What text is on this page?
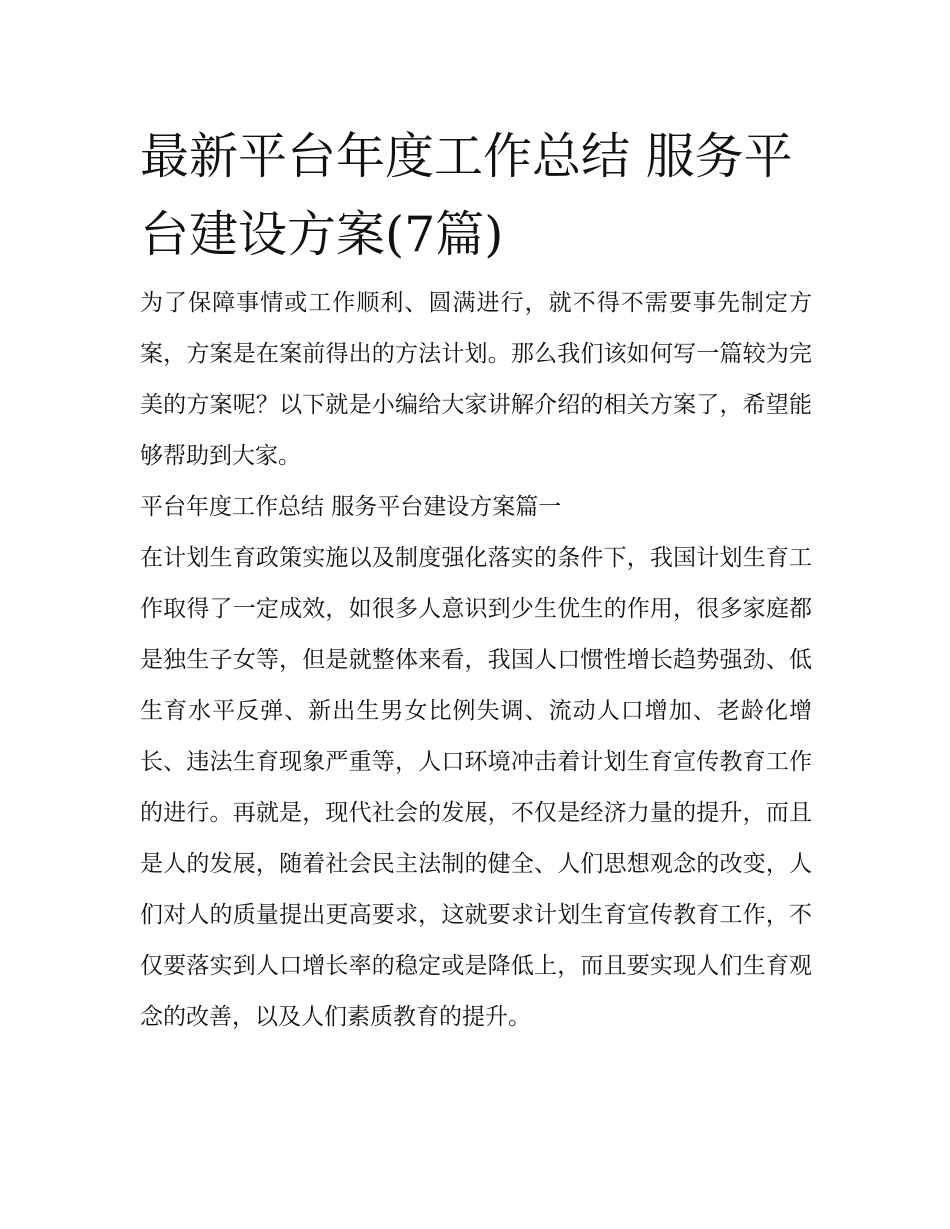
最新平台年度工作总结 服务平台建设方案(7篇)

为了保障事情或工作顺利、圆满进行，就不得不需要事先制定方案，方案是在案前得出的方法计划。那么我们该如何写一篇较为完美的方案呢？以下就是小编给大家讲解介绍的相关方案了，希望能够帮助到大家。

平台年度工作总结 服务平台建设方案篇一

在计划生育政策实施以及制度强化落实的条件下，我国计划生育工作取得了一定成效，如很多人意识到少生优生的作用，很多家庭都是独生子女等，但是就整体来看，我国人口惯性增长趋势强劲、低生育水平反弹、新出生男女比例失调、流动人口增加、老龄化增长、违法生育现象严重等，人口环境冲击着计划生育宣传教育工作的进行。再就是，现代社会的发展，不仅是经济力量的提升，而且是人的发展，随着社会民主法制的健全、人们思想观念的改变，人们对人的质量提出更高要求，这就要求计划生育宣传教育工作，不仅要落实到人口增长率的稳定或是降低上，而且要实现人们生育观念的改善，以及人们素质教育的提升。
